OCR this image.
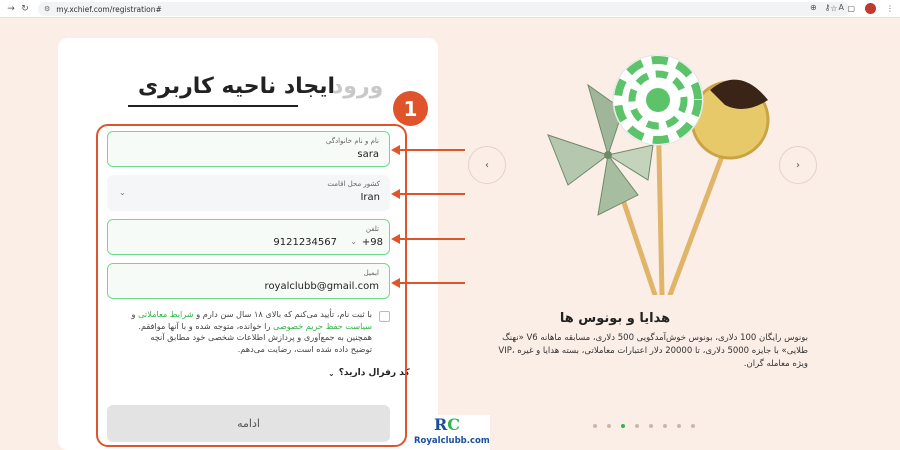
→ ↻	⚙ my.xchief.com/registration#	⊕ ⚷ A
☆ ▢	⋮
ایجاد ناحیه کاربری
ورود
نام و نام خانوادگی
sara
کشور محل اقامت
Iran
⌄
تلفن
+98
⌄
9121234567
ایمیل
royalclubb@gmail.com
با ثبت نام، تأیید می‌کنم که بالای ۱۸ سال سن دارم و شرایط معاملاتی و سیاست حفظ حریم خصوصی را خوانده، متوجه شده و با آنها موافقم. همچنین به جمع‌آوری و پردازش اطلاعات شخصی خود مطابق آنچه توضیح داده شده است، رضایت می‌دهم.
کد رفرال دارید؟
⌄
ادامه
1
‹	›
هدایا و بونوس ها
بونوس رایگان 100 دلاری، بونوس خوش‌آمدگویی 500 دلاری، مسابقه ماهانه V6 «نهنگ طلایی» با جایزه 5000 دلاری، تا 20000 دلار اعتبارات معاملاتی، بسته هدایا و غیره ،VIP ویژه معامله گران.
RC
Royalclubb.com
